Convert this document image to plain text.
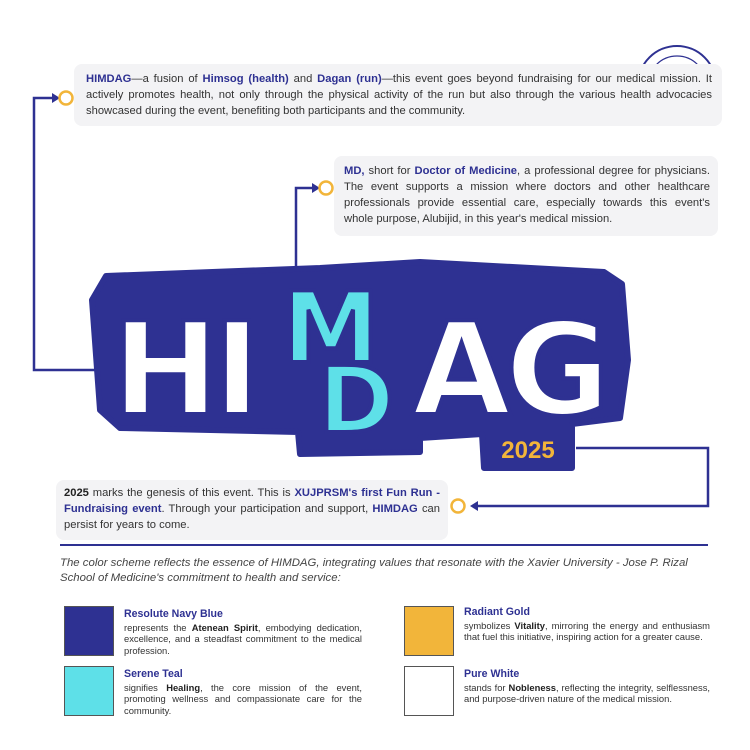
HI M
D AG
2025
HIMDAG—a fusion of Himsog (health) and Dagan (run)—this event goes beyond fundraising for our medical mission. It actively promotes health, not only through the physical activity of the run but also through the various health advocacies showcased during the event, benefiting both participants and the community.
MD, short for Doctor of Medicine, a professional degree for physicians. The event supports a mission where doctors and other healthcare professionals provide essential care, especially towards this event's whole purpose, Alubijid, in this year's medical mission.
2025 marks the genesis of this event. This is XUJPRSM's first Fun Run - Fundraising event. Through your participation and support, HIMDAG can persist for years to come.
The color scheme reflects the essence of HIMDAG, integrating values that resonate with the Xavier University - Jose P. Rizal School of Medicine's commitment to health and service:
Resolute Navy Blue
represents the Atenean Spirit, embodying dedication, excellence, and a steadfast commitment to the medical profession.
Radiant Gold
symbolizes Vitality, mirroring the energy and enthusiasm that fuel this initiative, inspiring action for a greater cause.
Serene Teal
signifies Healing, the core mission of the event, promoting wellness and compassionate care for the community.
Pure White
stands for Nobleness, reflecting the integrity, selflessness, and purpose-driven nature of the medical mission.
